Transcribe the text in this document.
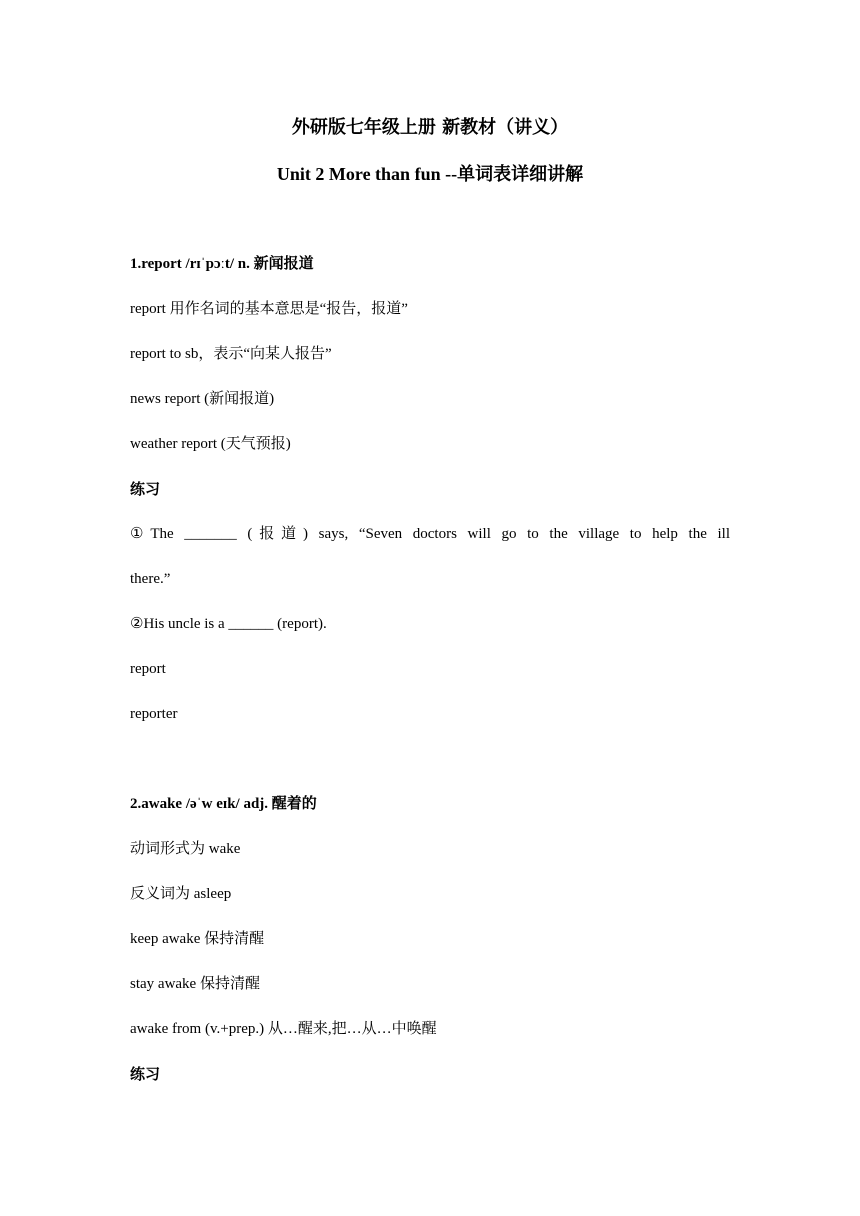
外研版七年级上册 新教材（讲义）
Unit 2 More than fun --单词表详细讲解
1.report /rɪˈpɔːt/ n. 新闻报道
report 用作名词的基本意思是“报告，报道”
report to sb，表示“向某人报告”
news report (新闻报道)
weather report (天气预报)
练习
①The _______ (报道) says, “Seven doctors will go to the village to help the ill
there.”
②His uncle is a ______ (report).
report
reporter
2.awake /əˈw eɪk/ adj. 醒着的
动词形式为 wake
反义词为 asleep
keep awake 保持清醒
stay awake 保持清醒
awake from (v.+prep.) 从…醒来,把…从…中唤醒
练习
